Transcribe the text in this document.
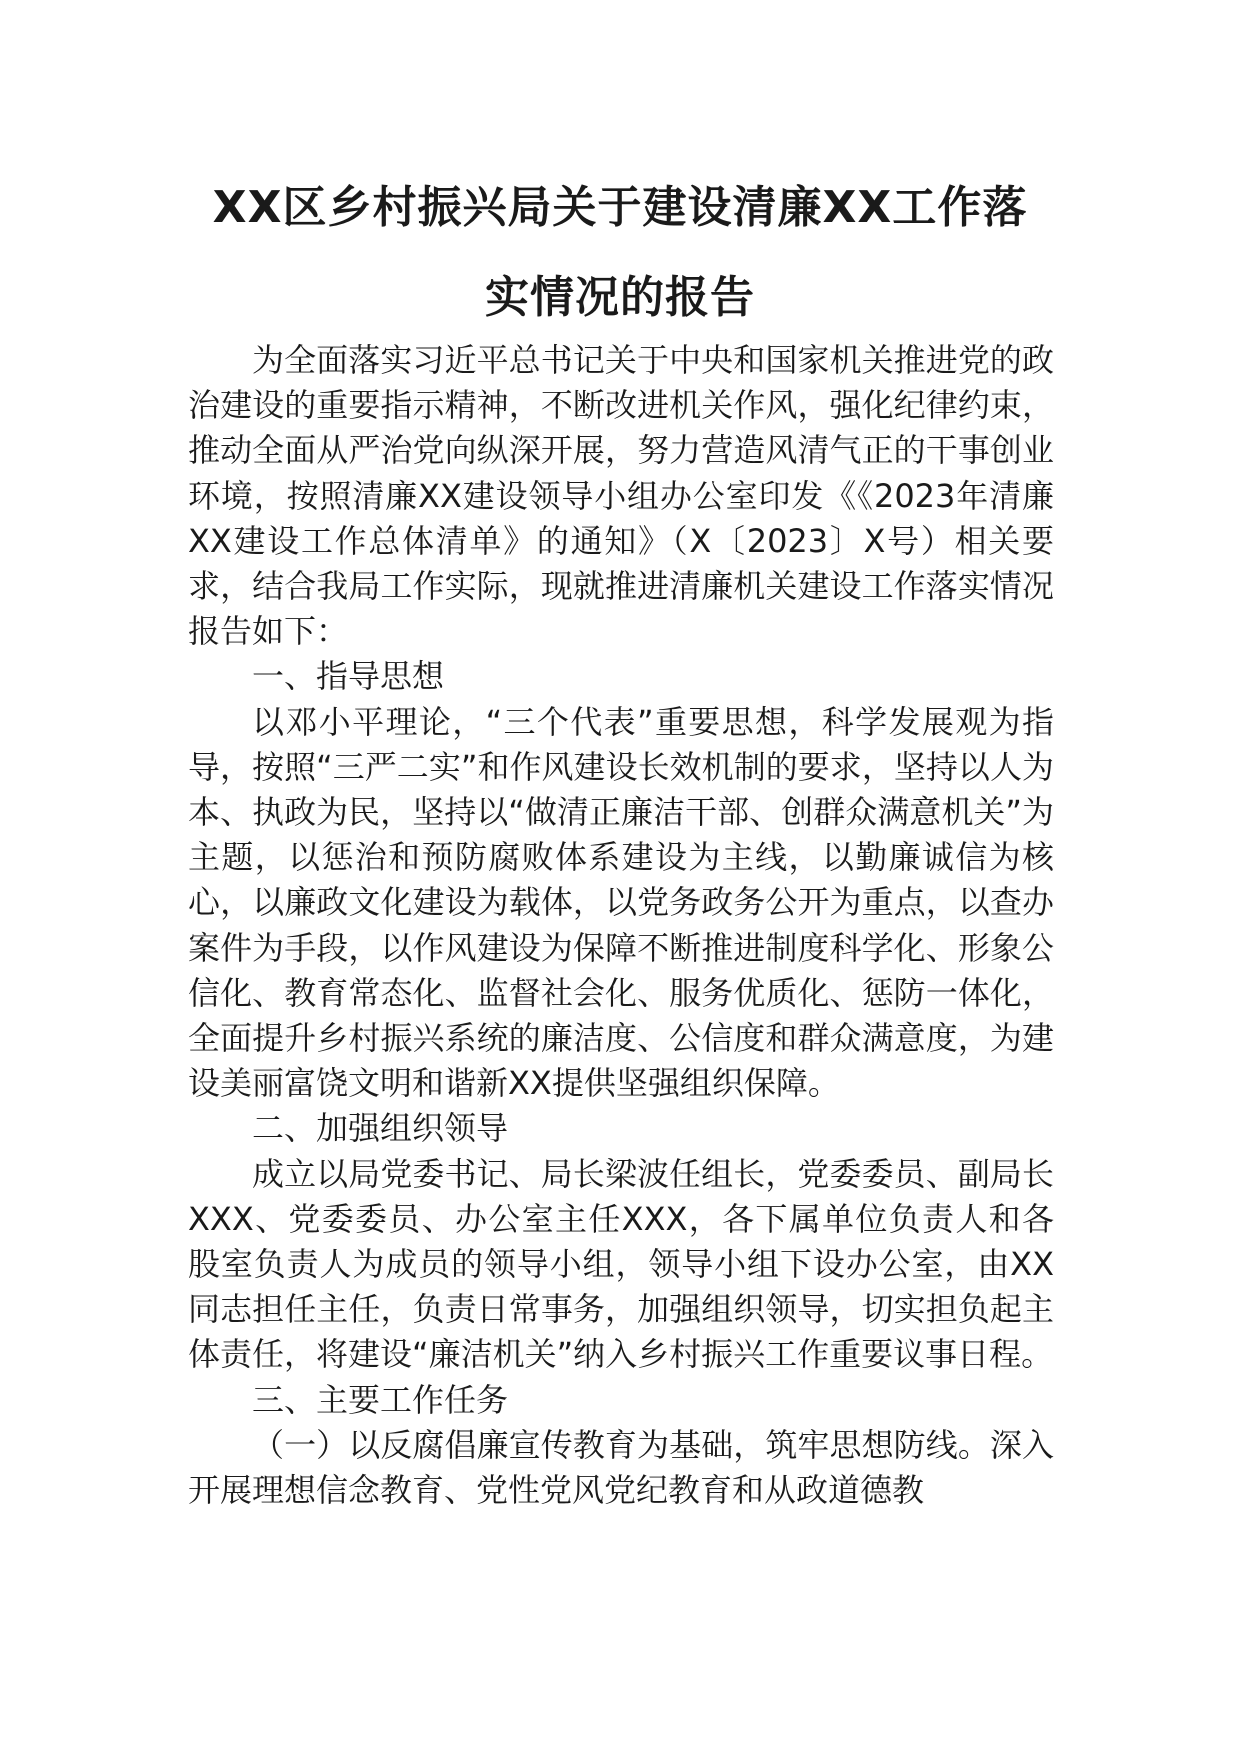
XX区乡村振兴局关于建设清廉XX工作落
实情况的报告

为全面落实习近平总书记关于中央和国家机关推进党的政治建设的重要指示精神，不断改进机关作风，强化纪律约束，推动全面从严治党向纵深开展，努力营造风清气正的干事创业环境，按照清廉XX建设领导小组办公室印发《《2023年清廉XX建设工作总体清单》的通知》（X〔2023〕X号）相关要求，结合我局工作实际，现就推进清廉机关建设工作落实情况报告如下：

一、指导思想

以邓小平理论，“三个代表”重要思想，科学发展观为指导，按照“三严二实”和作风建设长效机制的要求，坚持以人为本、执政为民，坚持以“做清正廉洁干部、创群众满意机关”为主题，以惩治和预防腐败体系建设为主线，以勤廉诚信为核心，以廉政文化建设为载体，以党务政务公开为重点，以查办案件为手段，以作风建设为保障不断推进制度科学化、形象公信化、教育常态化、监督社会化、服务优质化、惩防一体化，全面提升乡村振兴系统的廉洁度、公信度和群众满意度，为建设美丽富饶文明和谐新XX提供坚强组织保障。

二、加强组织领导

成立以局党委书记、局长梁波任组长，党委委员、副局长XXX、党委委员、办公室主任XXX，各下属单位负责人和各股室负责人为成员的领导小组，领导小组下设办公室，由XX同志担任主任，负责日常事务，加强组织领导，切实担负起主体责任，将建设“廉洁机关”纳入乡村振兴工作重要议事日程。

三、主要工作任务

（一）以反腐倡廉宣传教育为基础，筑牢思想防线。深入开展理想信念教育、党性党风党纪教育和从政道德教
